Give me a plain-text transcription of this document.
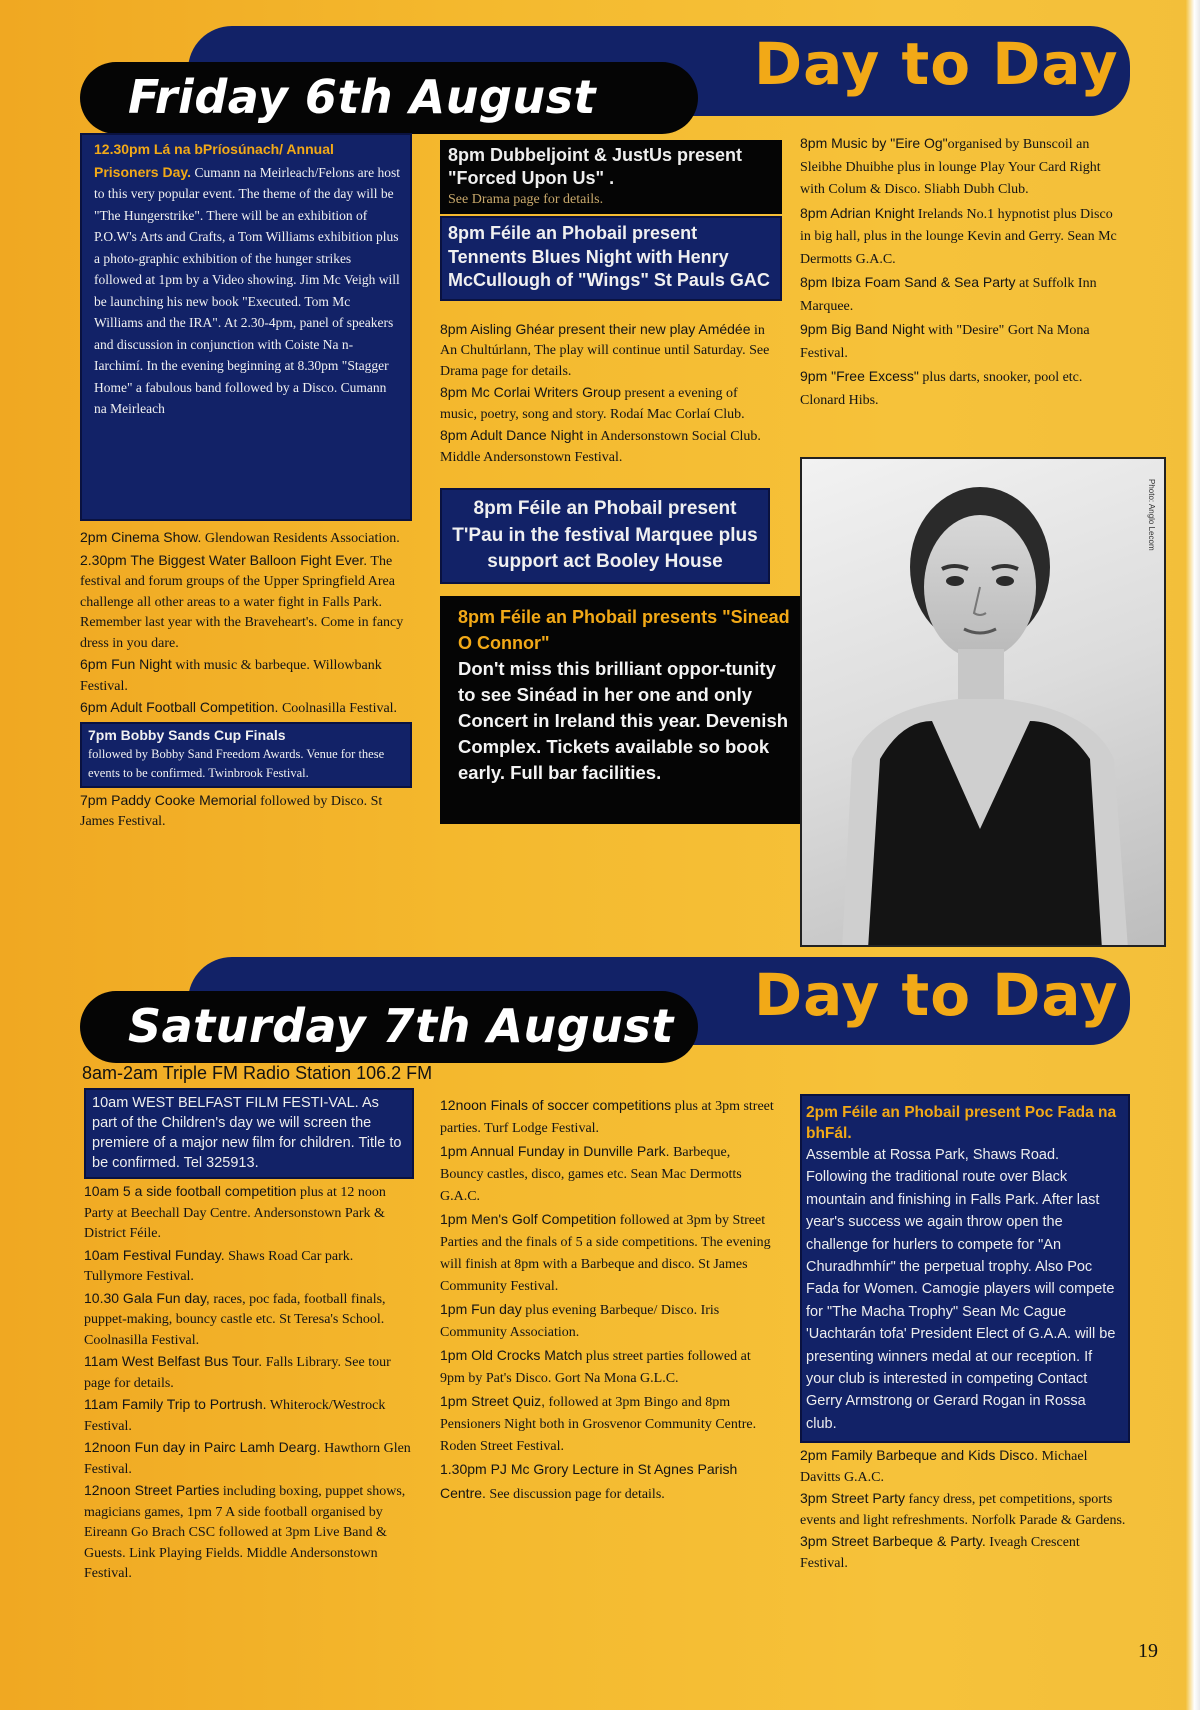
Day to Day
Friday 6th August
12.30pm Lá na bPríosúnach/ Annual Prisoners Day. Cumann na Meirleach/Felons are host to this very popular event. The theme of the day will be "The Hungerstrike". There will be an exhibition of P.O.W's Arts and Crafts, a Tom Williams exhibition plus a photo-graphic exhibition of the hunger strikes followed at 1pm by a Video showing. Jim Mc Veigh will be launching his new book "Executed. Tom Mc Williams and the IRA". At 2.30-4pm, panel of speakers and discussion in conjunction with Coiste Na n-Iarchimí. In the evening beginning at 8.30pm "Stagger Home" a fabulous band followed by a Disco. Cumann na Meirleach
2pm Cinema Show. Glendowan Residents Association.
2.30pm The Biggest Water Balloon Fight Ever. The festival and forum groups of the Upper Springfield Area challenge all other areas to a water fight in Falls Park. Remember last year with the Braveheart's. Come in fancy dress in you dare.
6pm Fun Night with music & barbeque. Willowbank Festival.
6pm Adult Football Competition. Coolnasilla Festival.
7pm Bobby Sands Cup Finals
followed by Bobby Sand Freedom Awards. Venue for these events to be confirmed. Twinbrook Festival.
7pm Paddy Cooke Memorial followed by Disco. St James Festival.
8pm Dubbeljoint & JustUs present "Forced Upon Us" .
See Drama page for details.
8pm Féile an Phobail present Tennents Blues Night with Henry McCullough of "Wings" St Pauls GAC
8pm Aisling Ghéar present their new play Amédée in An Chultúrlann, The play will continue until Saturday. See Drama page for details.
8pm Mc Corlai Writers Group present a evening of music, poetry, song and story. Rodaí Mac Corlaí Club.
8pm Adult Dance Night in Andersonstown Social Club. Middle Andersonstown Festival.
8pm Féile an Phobail present T'Pau in the festival Marquee plus support act Booley House
8pm Féile an Phobail presents "Sinead O Connor"
Don't miss this brilliant oppor-tunity to see Sinéad in her one and only Concert in Ireland this year. Devenish Complex. Tickets available so book early. Full bar facilities.
8pm Music by "Eire Og"organised by Bunscoil an Sleibhe Dhuibhe plus in lounge Play Your Card Right with Colum & Disco. Sliabh Dubh Club.
8pm Adrian Knight Irelands No.1 hypnotist plus Disco in big hall, plus in the lounge Kevin and Gerry. Sean Mc Dermotts G.A.C.
8pm Ibiza Foam Sand & Sea Party at Suffolk Inn Marquee.
9pm Big Band Night with "Desire" Gort Na Mona Festival.
9pm "Free Excess" plus darts, snooker, pool etc. Clonard Hibs.
Photo: Anglo Lecom
Day to Day
Saturday 7th August
8am-2am Triple FM Radio Station 106.2 FM
10am WEST BELFAST FILM FESTI-VAL. As part of the Children's day we will screen the premiere of a major new film for children. Title to be confirmed. Tel 325913.
10am 5 a side football competition plus at 12 noon Party at Beechall Day Centre. Andersonstown Park & District Féile.
10am Festival Funday. Shaws Road Car park. Tullymore Festival.
10.30 Gala Fun day, races, poc fada, football finals, puppet-making, bouncy castle etc. St Teresa's School. Coolnasilla Festival.
11am West Belfast Bus Tour. Falls Library. See tour page for details.
11am Family Trip to Portrush. Whiterock/Westrock Festival.
12noon Fun day in Pairc Lamh Dearg. Hawthorn Glen Festival.
12noon Street Parties including boxing, puppet shows, magicians games, 1pm 7 A side football organised by Eireann Go Brach CSC followed at 3pm Live Band & Guests. Link Playing Fields. Middle Andersonstown Festival.
12noon Finals of soccer competitions plus at 3pm street parties. Turf Lodge Festival.
1pm Annual Funday in Dunville Park. Barbeque, Bouncy castles, disco, games etc. Sean Mac Dermotts G.A.C.
1pm Men's Golf Competition followed at 3pm by Street Parties and the finals of 5 a side competitions. The evening will finish at 8pm with a Barbeque and disco. St James Community Festival.
1pm Fun day plus evening Barbeque/ Disco. Iris Community Association.
1pm Old Crocks Match plus street parties followed at 9pm by Pat's Disco. Gort Na Mona G.L.C.
1pm Street Quiz, followed at 3pm Bingo and 8pm Pensioners Night both in Grosvenor Community Centre. Roden Street Festival.
1.30pm PJ Mc Grory Lecture in St Agnes Parish Centre. See discussion page for details.
2pm Féile an Phobail present Poc Fada na bhFál.
Assemble at Rossa Park, Shaws Road. Following the traditional route over Black mountain and finishing in Falls Park. After last year's success we again throw open the challenge for hurlers to compete for "An Churadhmhír" the perpetual trophy. Also Poc Fada for Women. Camogie players will compete for "The Macha Trophy" Sean Mc Cague 'Uachtarán tofa' President Elect of G.A.A. will be presenting winners medal at our reception. If your club is interested in competing Contact Gerry Armstrong or Gerard Rogan in Rossa club.
2pm Family Barbeque and Kids Disco. Michael Davitts G.A.C.
3pm Street Party fancy dress, pet competitions, sports events and light refreshments. Norfolk Parade & Gardens.
3pm Street Barbeque & Party. Iveagh Crescent Festival.
19
